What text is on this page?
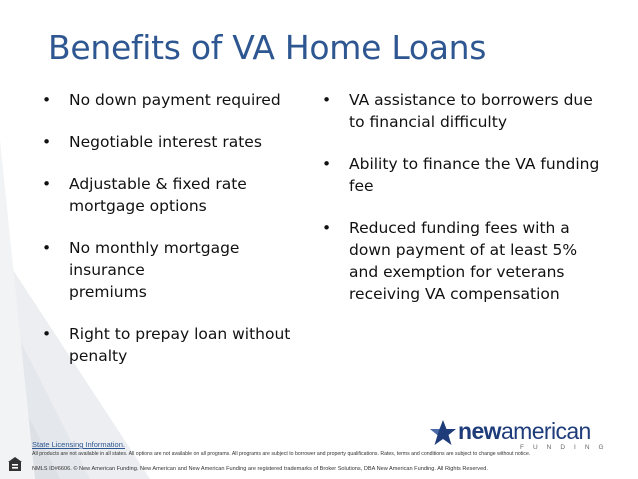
Benefits of VA Home Loans
• No down payment required
• Negotiable interest rates
• Adjustable & fixed rate
mortgage options
• No monthly mortgage insurance
premiums
• Right to prepay loan without
penalty
• VA assistance to borrowers due
to financial difficulty
• Ability to finance the VA funding
fee
• Reduced funding fees with a
down payment of at least 5%
and exemption for veterans
receiving VA compensation
State Licensing Information.
All products are not available in all states. All options are not available on all programs. All programs are subject to borrower and property qualifications. Rates, terms and conditions are subject to change without notice.
NMLS ID#6606. © New American Funding. New American and New American Funding are registered trademarks of Broker Solutions, DBA New American Funding. All Rights Reserved.
newamerican
FUNDING
